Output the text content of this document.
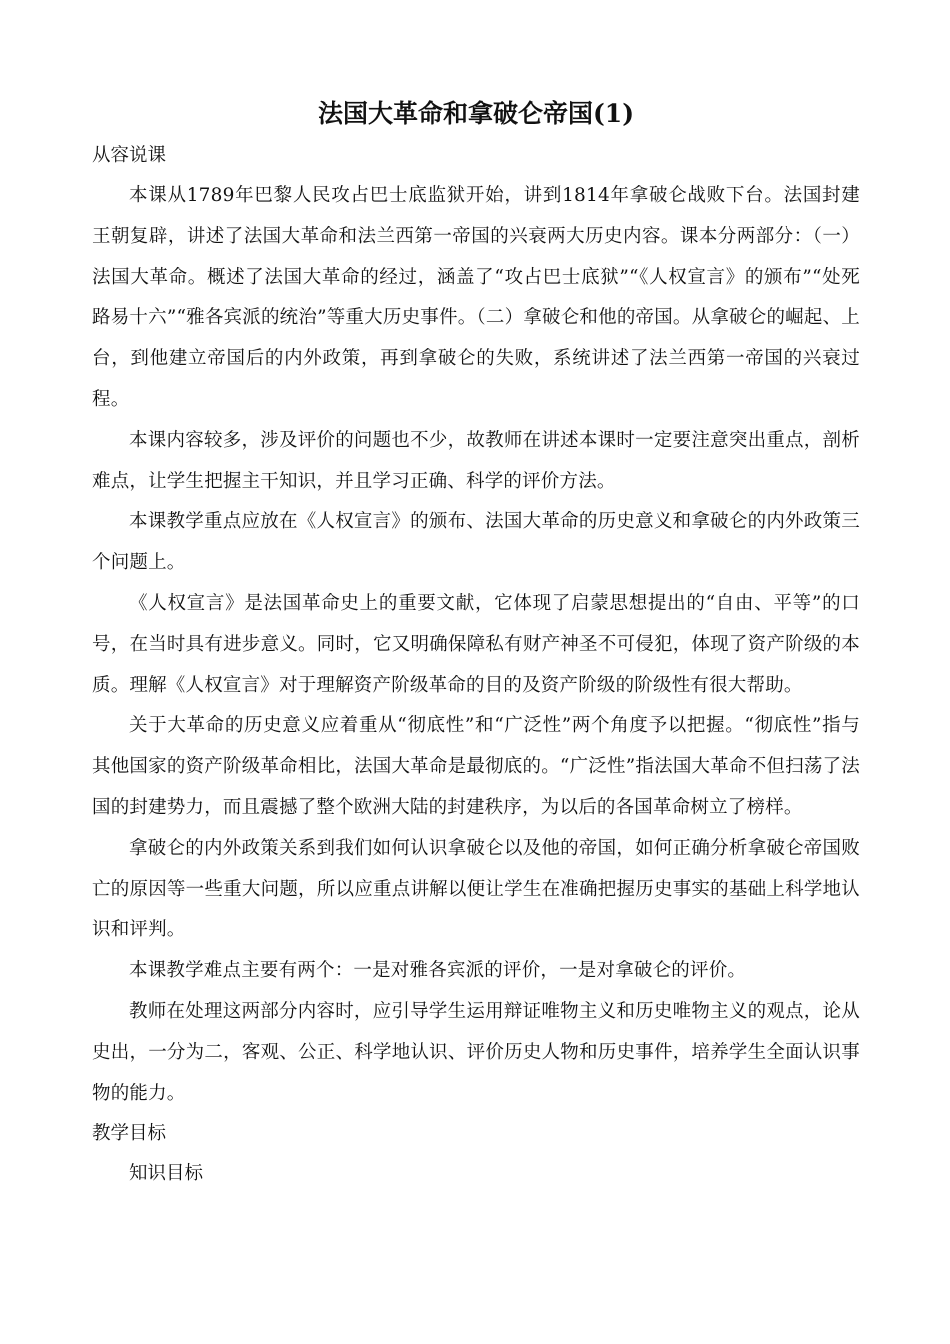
法国大革命和拿破仑帝国(1)

从容说课

本课从1789年巴黎人民攻占巴士底监狱开始，讲到1814年拿破仑战败下台。法国封建王朝复辟，讲述了法国大革命和法兰西第一帝国的兴衰两大历史内容。课本分两部分：（一）法国大革命。概述了法国大革命的经过，涵盖了“攻占巴士底狱”“《人权宣言》的颁布”“处死路易十六”“雅各宾派的统治”等重大历史事件。（二）拿破仑和他的帝国。从拿破仑的崛起、上台，到他建立帝国后的内外政策，再到拿破仑的失败，系统讲述了法兰西第一帝国的兴衰过程。

本课内容较多，涉及评价的问题也不少，故教师在讲述本课时一定要注意突出重点，剖析难点，让学生把握主干知识，并且学习正确、科学的评价方法。

本课教学重点应放在《人权宣言》的颁布、法国大革命的历史意义和拿破仑的内外政策三个问题上。

《人权宣言》是法国革命史上的重要文献，它体现了启蒙思想提出的“自由、平等”的口号，在当时具有进步意义。同时，它又明确保障私有财产神圣不可侵犯，体现了资产阶级的本质。理解《人权宣言》对于理解资产阶级革命的目的及资产阶级的阶级性有很大帮助。

关于大革命的历史意义应着重从“彻底性”和“广泛性”两个角度予以把握。“彻底性”指与其他国家的资产阶级革命相比，法国大革命是最彻底的。“广泛性”指法国大革命不但扫荡了法国的封建势力，而且震撼了整个欧洲大陆的封建秩序，为以后的各国革命树立了榜样。

拿破仑的内外政策关系到我们如何认识拿破仑以及他的帝国，如何正确分析拿破仑帝国败亡的原因等一些重大问题，所以应重点讲解以便让学生在准确把握历史事实的基础上科学地认识和评判。

本课教学难点主要有两个：一是对雅各宾派的评价，一是对拿破仑的评价。

教师在处理这两部分内容时，应引导学生运用辩证唯物主义和历史唯物主义的观点，论从史出，一分为二，客观、公正、科学地认识、评价历史人物和历史事件，培养学生全面认识事物的能力。

教学目标

知识目标
